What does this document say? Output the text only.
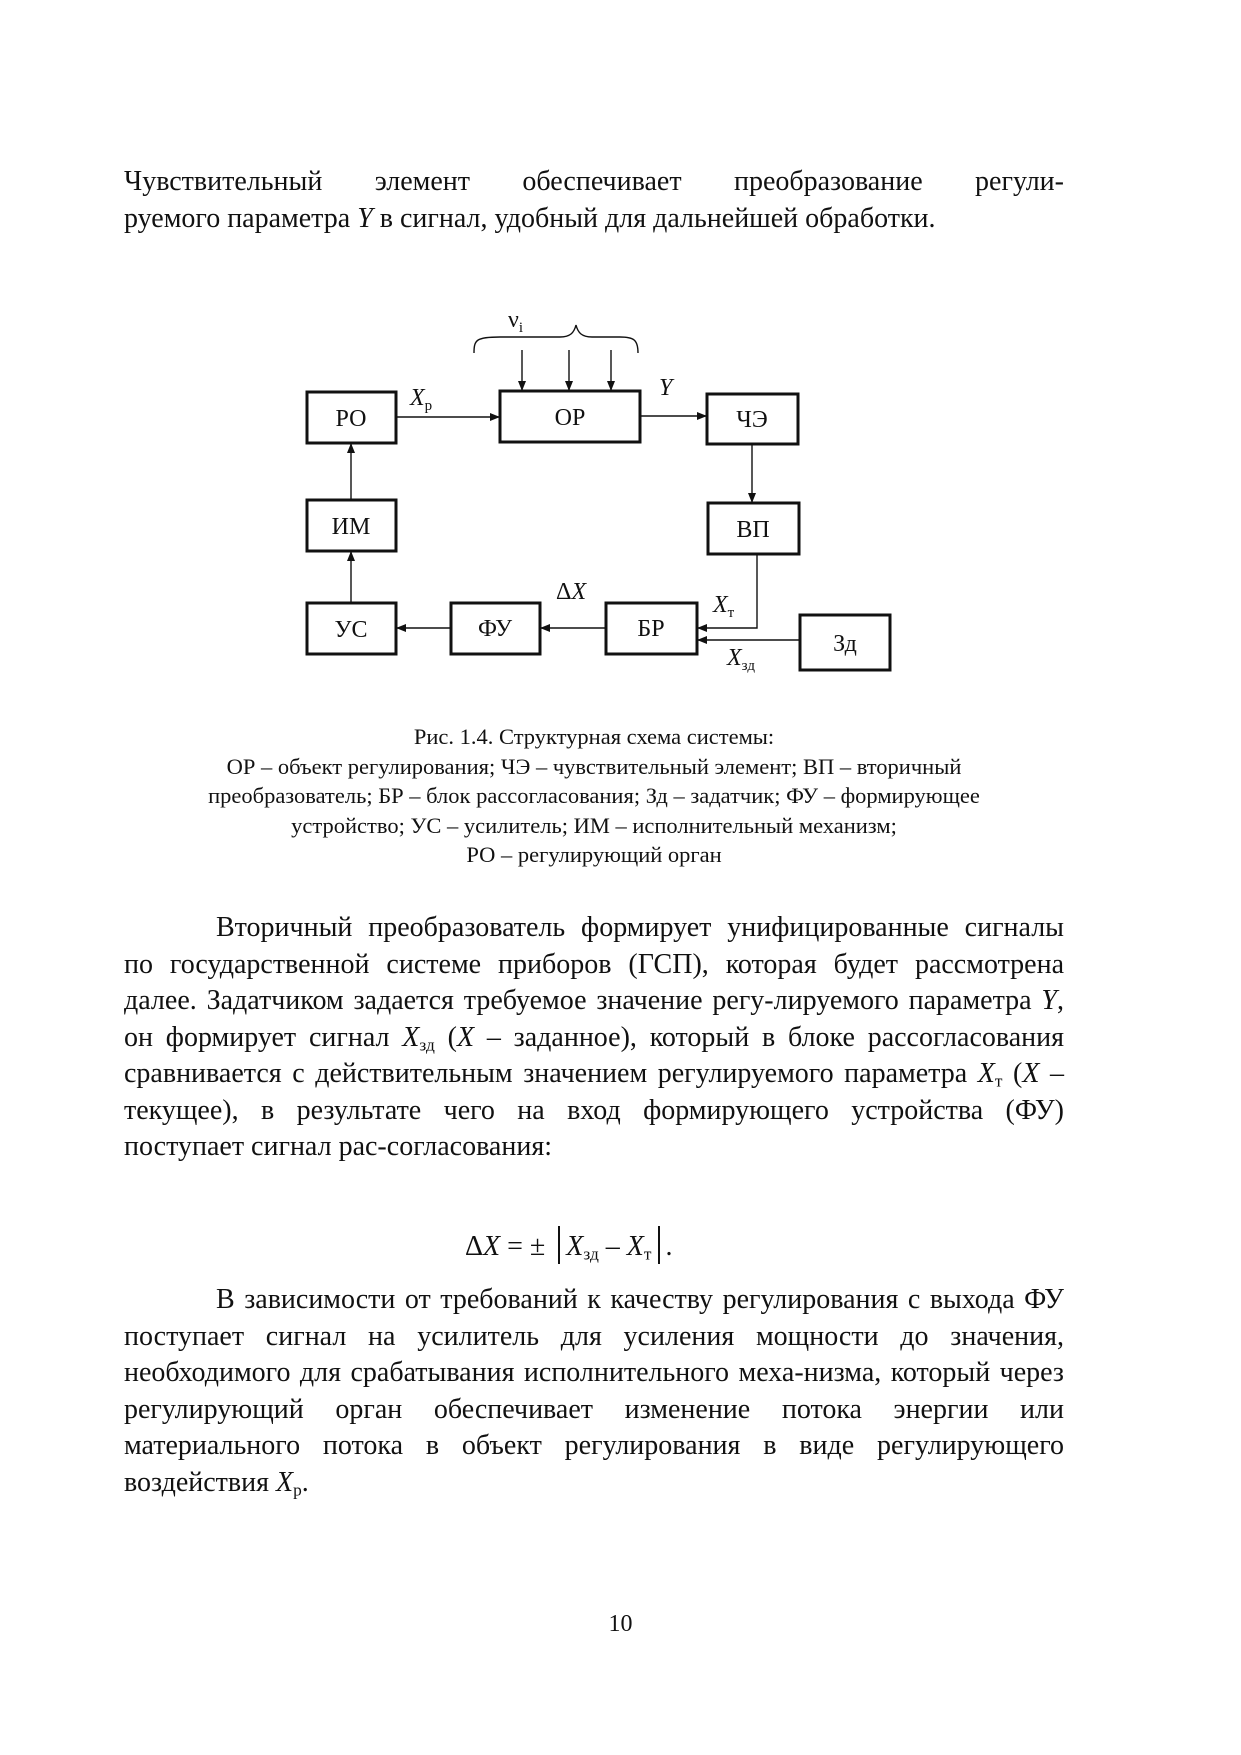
Чувствительный элемент обеспечивает преобразование регули-
руемого параметра Y в сигнал, удобный для дальнейшей обработки.
РО	ОР	ЧЭ
ВП
ИМ
УС	ФУ	БР
Зд
$\nu_i$
$X_р$
Y
ΔX	$X_т$
$X_{зд}$
Рис. 1.4. Структурная схема системы:
ОР – объект регулирования; ЧЭ – чувствительный элемент; ВП – вторичный
преобразователь; БР – блок рассогласования; Зд – задатчик; ФУ – формирующее
устройство; УС – усилитель; ИМ – исполнительный механизм;
РО – регулирующий орган

Вторичный преобразователь формирует унифицированные сигналы по государственной системе приборов (ГСП), которая будет рассмотрена далее. Задатчиком задается требуемое значение регу-лируемого параметра Y, он формирует сигнал $X_{зд}$ (X – заданное), который в блоке рассогласования сравнивается с действительным значением регулируемого параметра $X_т$ (X – текущее), в результате чего на вход формирующего устройства (ФУ) поступает сигнал рас-согласования:

ΔX = ± $X_{зд} - X_т$ .

В зависимости от требований к качеству регулирования с выхода ФУ поступает сигнал на усилитель для усиления мощности до значения, необходимого для срабатывания исполнительного меха-низма, который через регулирующий орган обеспечивает изменение потока энергии или материального потока в объект регулирования в виде регулирующего воздействия $X_р$.

10
